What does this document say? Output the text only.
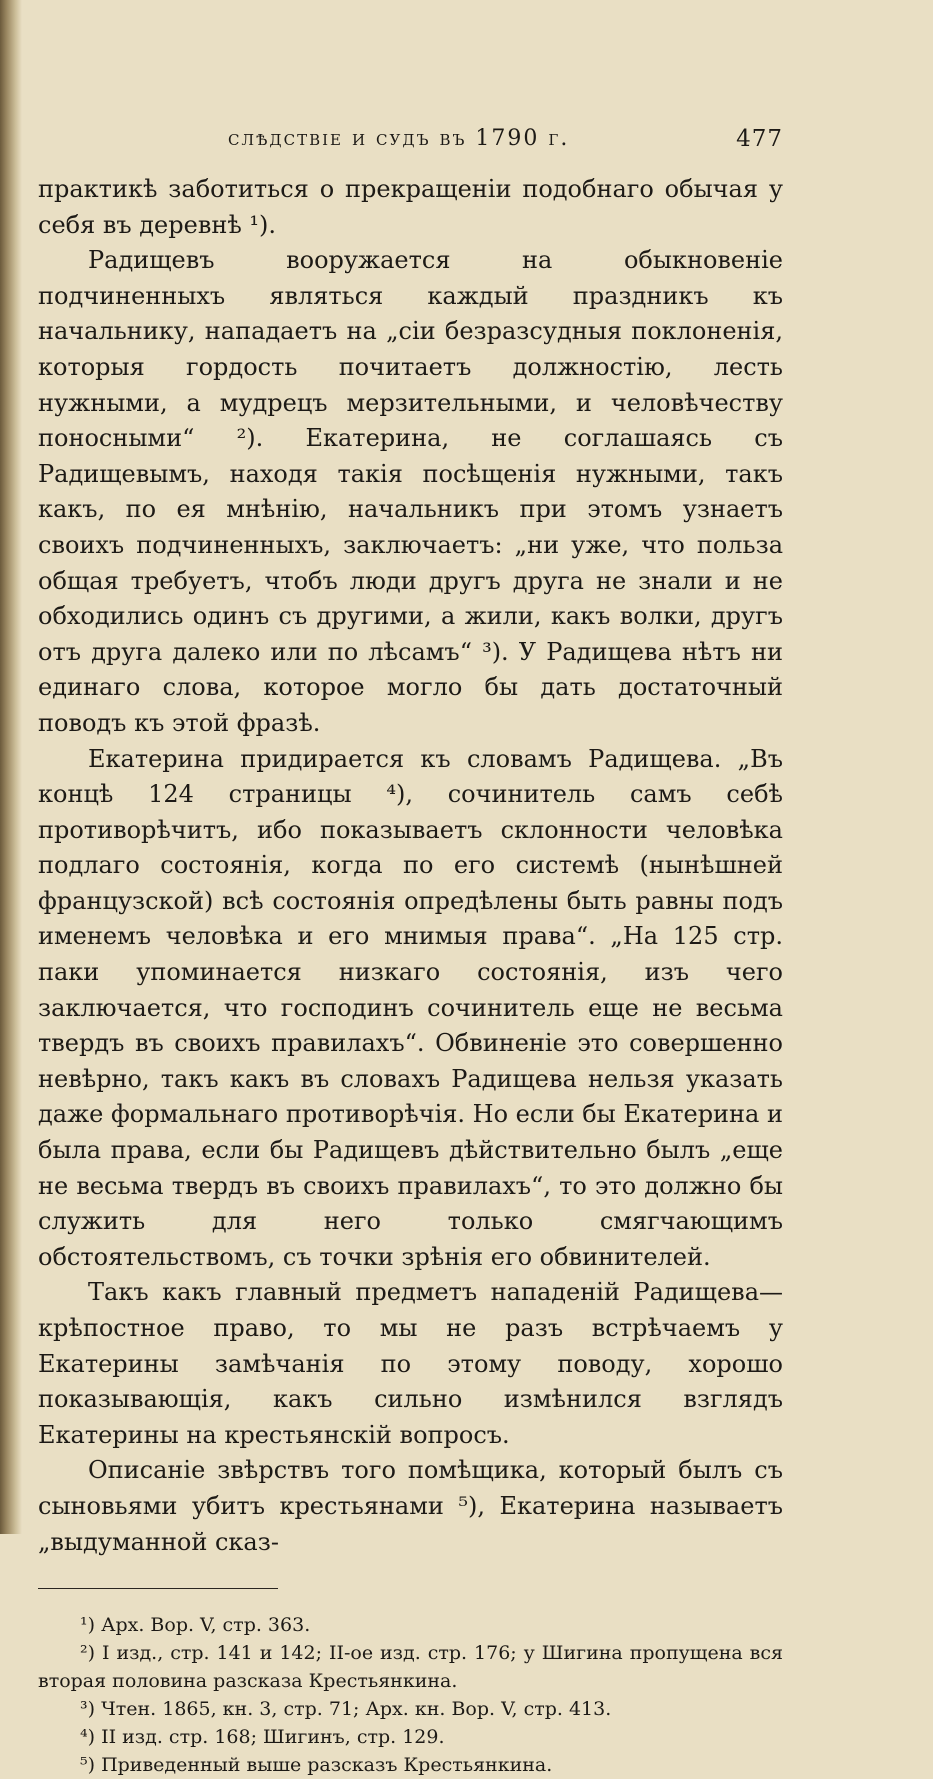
слѣдствіе и судъ въ 1790 г.	477

практикѣ заботиться о прекращеніи подобнаго обычая у себя въ деревнѣ ¹).

Радищевъ вооружается на обыкновеніе подчиненныхъ являться каждый праздникъ къ начальнику, нападаетъ на „сіи безразсудныя поклоненія, которыя гордость почитаетъ должностію, лесть нужными, а мудрецъ мерзительными, и человѣчеству поносными“ ²). Екатерина, не соглашаясь съ Радищевымъ, находя такія посѣщенія нужными, такъ какъ, по ея мнѣнію, начальникъ при этомъ узнаетъ своихъ подчиненныхъ, заключаетъ: „ни уже, что польза общая требуетъ, чтобъ люди другъ друга не знали и не обходились одинъ съ другими, а жили, какъ волки, другъ отъ друга далеко или по лѣсамъ“ ³). У Радищева нѣтъ ни единаго слова, которое могло бы дать достаточный поводъ къ этой фразѣ.

Екатерина придирается къ словамъ Радищева. „Въ концѣ 124 страницы ⁴), сочинитель самъ себѣ противорѣчитъ, ибо показываетъ склонности человѣка подлаго состоянія, когда по его системѣ (нынѣшней французской) всѣ состоянія опредѣлены быть равны подъ именемъ человѣка и его мнимыя права“. „На 125 стр. паки упоминается низкаго состоянія, изъ чего заключается, что господинъ сочинитель еще не весьма твердъ въ своихъ правилахъ“. Обвиненіе это совершенно невѣрно, такъ какъ въ словахъ Радищева нельзя указать даже формальнаго противорѣчія. Но если бы Екатерина и была права, если бы Радищевъ дѣйствительно былъ „еще не весьма твердъ въ своихъ правилахъ“, то это должно бы служить для него только смягчающимъ обстоятельствомъ, съ точки зрѣнія его обвинителей.

Такъ какъ главный предметъ нападеній Радищева—крѣпостное право, то мы не разъ встрѣчаемъ у Екатерины замѣчанія по этому поводу, хорошо показывающія, какъ сильно измѣнился взглядъ Екатерины на крестьянскій вопросъ.

Описаніе звѣрствъ того помѣщика, который былъ съ сыновьями убитъ крестьянами ⁵), Екатерина называетъ „выдуманной сказ-

¹) Арх. Вор. V, стр. 363.

²) I изд., стр. 141 и 142; II-ое изд. стр. 176; у Шигина пропущена вся вторая половина разсказа Крестьянкина.

³) Чтен. 1865, кн. 3, стр. 71; Арх. кн. Вор. V, стр. 413.

⁴) II изд. стр. 168; Шигинъ, стр. 129.

⁵) Приведенный выше разсказъ Крестьянкина.
